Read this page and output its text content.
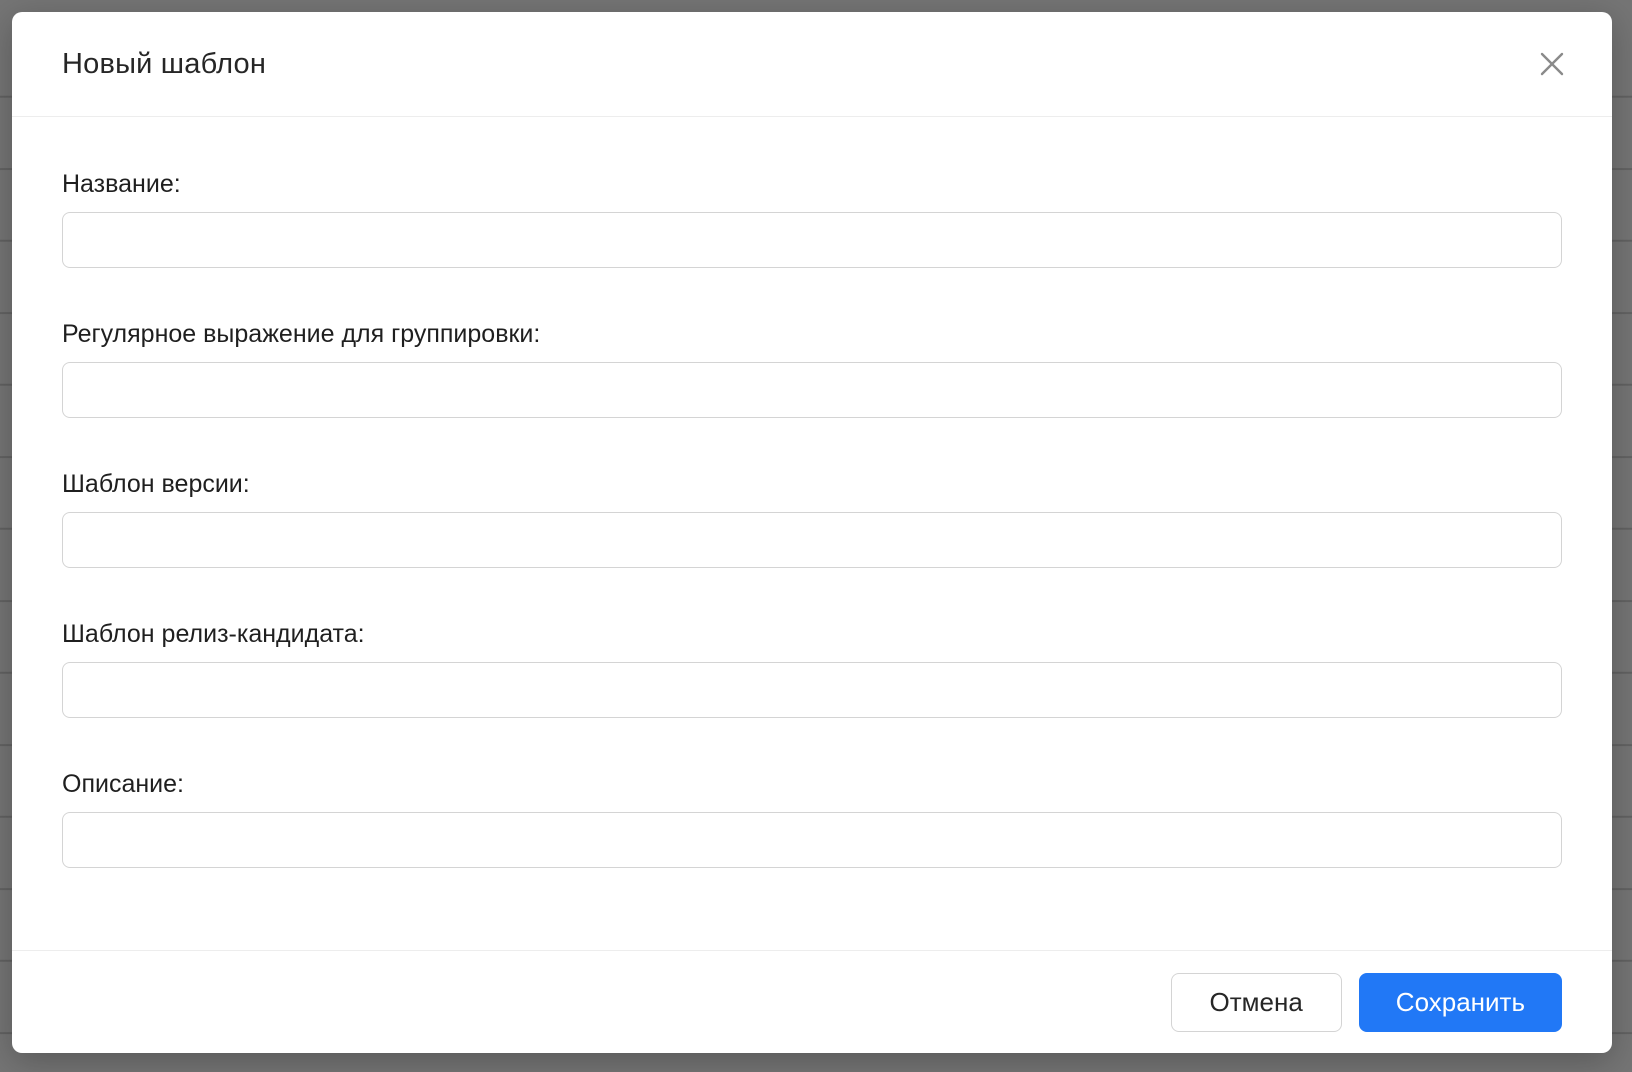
Новый шаблон
Название:
Регулярное выражение для группировки:
Шаблон версии:
Шаблон релиз-кандидата:
Описание:
Отмена	Сохранить
